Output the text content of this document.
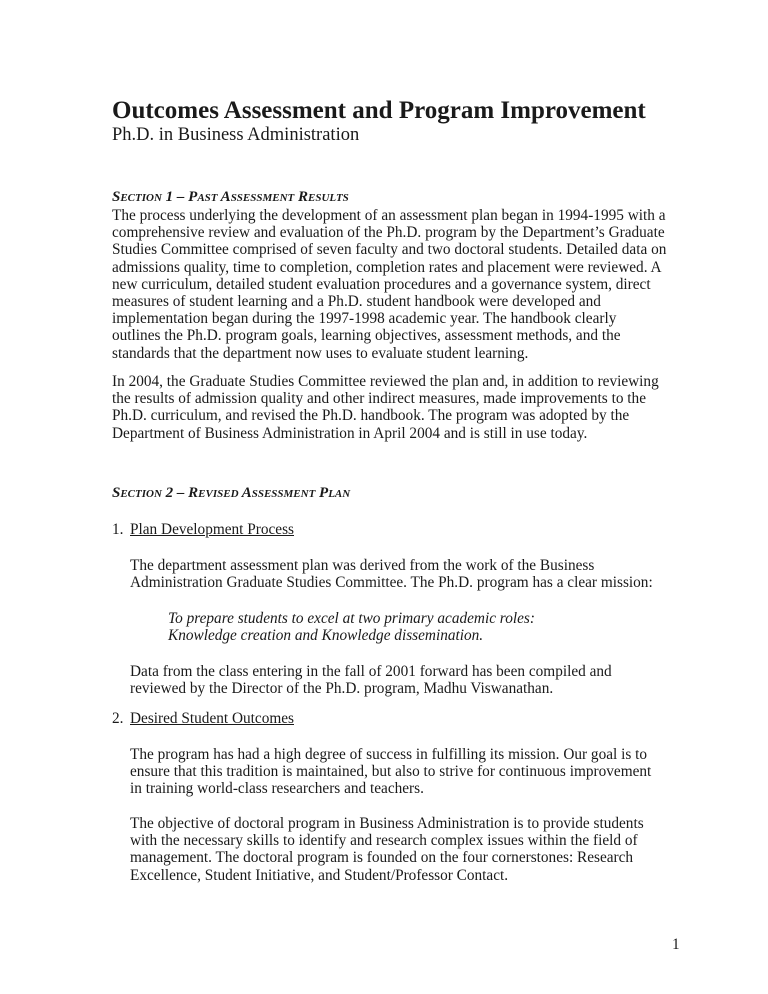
Outcomes Assessment and Program Improvement
Ph.D. in Business Administration
Section 1 – Past Assessment Results
The process underlying the development of an assessment plan began in 1994-1995 with a
comprehensive review and evaluation of the Ph.D. program by the Department’s Graduate
Studies Committee comprised of seven faculty and two doctoral students. Detailed data on
admissions quality, time to completion, completion rates and placement were reviewed. A
new curriculum, detailed student evaluation procedures and a governance system, direct
measures of student learning and a Ph.D. student handbook were developed and
implementation began during the 1997-1998 academic year. The handbook clearly
outlines the Ph.D. program goals, learning objectives, assessment methods, and the
standards that the department now uses to evaluate student learning.
In 2004, the Graduate Studies Committee reviewed the plan and, in addition to reviewing
the results of admission quality and other indirect measures, made improvements to the
Ph.D. curriculum, and revised the Ph.D. handbook. The program was adopted by the
Department of Business Administration in April 2004 and is still in use today.
Section 2 – Revised Assessment Plan
1. Plan Development Process
The department assessment plan was derived from the work of the Business
Administration Graduate Studies Committee. The Ph.D. program has a clear mission:
To prepare students to excel at two primary academic roles:
Knowledge creation and Knowledge dissemination.
Data from the class entering in the fall of 2001 forward has been compiled and
reviewed by the Director of the Ph.D. program, Madhu Viswanathan.
2. Desired Student Outcomes
The program has had a high degree of success in fulfilling its mission. Our goal is to
ensure that this tradition is maintained, but also to strive for continuous improvement
in training world-class researchers and teachers.
The objective of doctoral program in Business Administration is to provide students
with the necessary skills to identify and research complex issues within the field of
management. The doctoral program is founded on the four cornerstones: Research
Excellence, Student Initiative, and Student/Professor Contact.
1
